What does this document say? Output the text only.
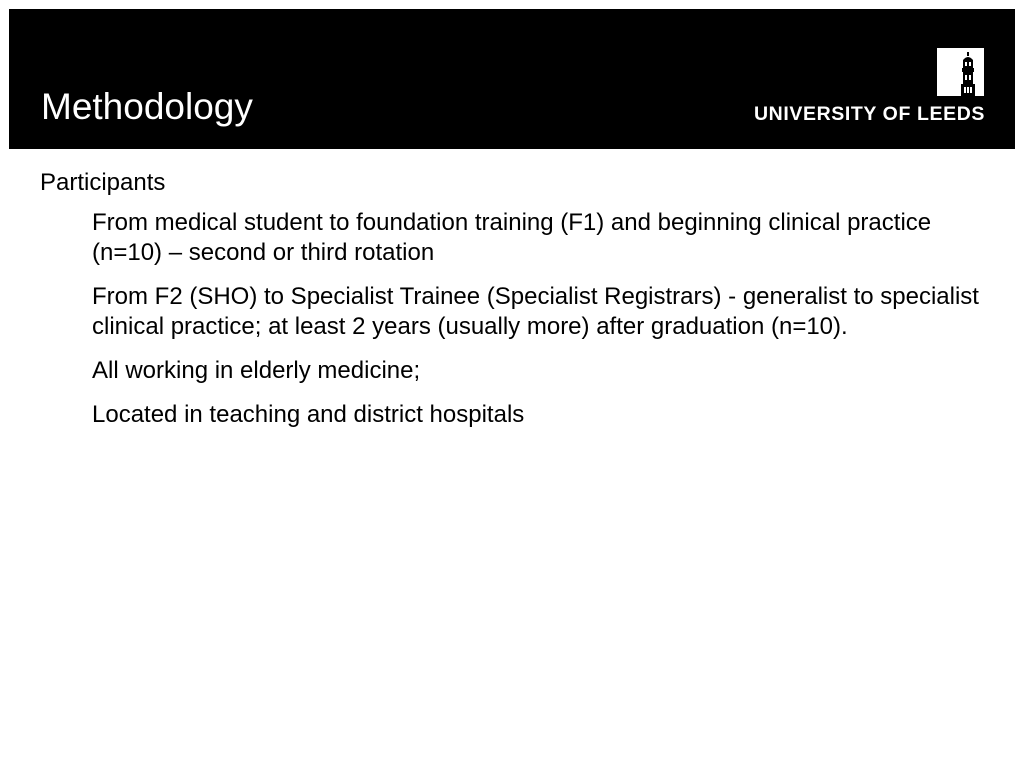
Methodology	UNIVERSITY OF LEEDS
Participants
From medical student to foundation training (F1) and beginning clinical practice (n=10) – second or third rotation
From F2 (SHO) to Specialist Trainee (Specialist Registrars) - generalist to specialist clinical practice; at least 2 years (usually more) after graduation (n=10).
All working in elderly medicine;
Located in teaching and district hospitals
